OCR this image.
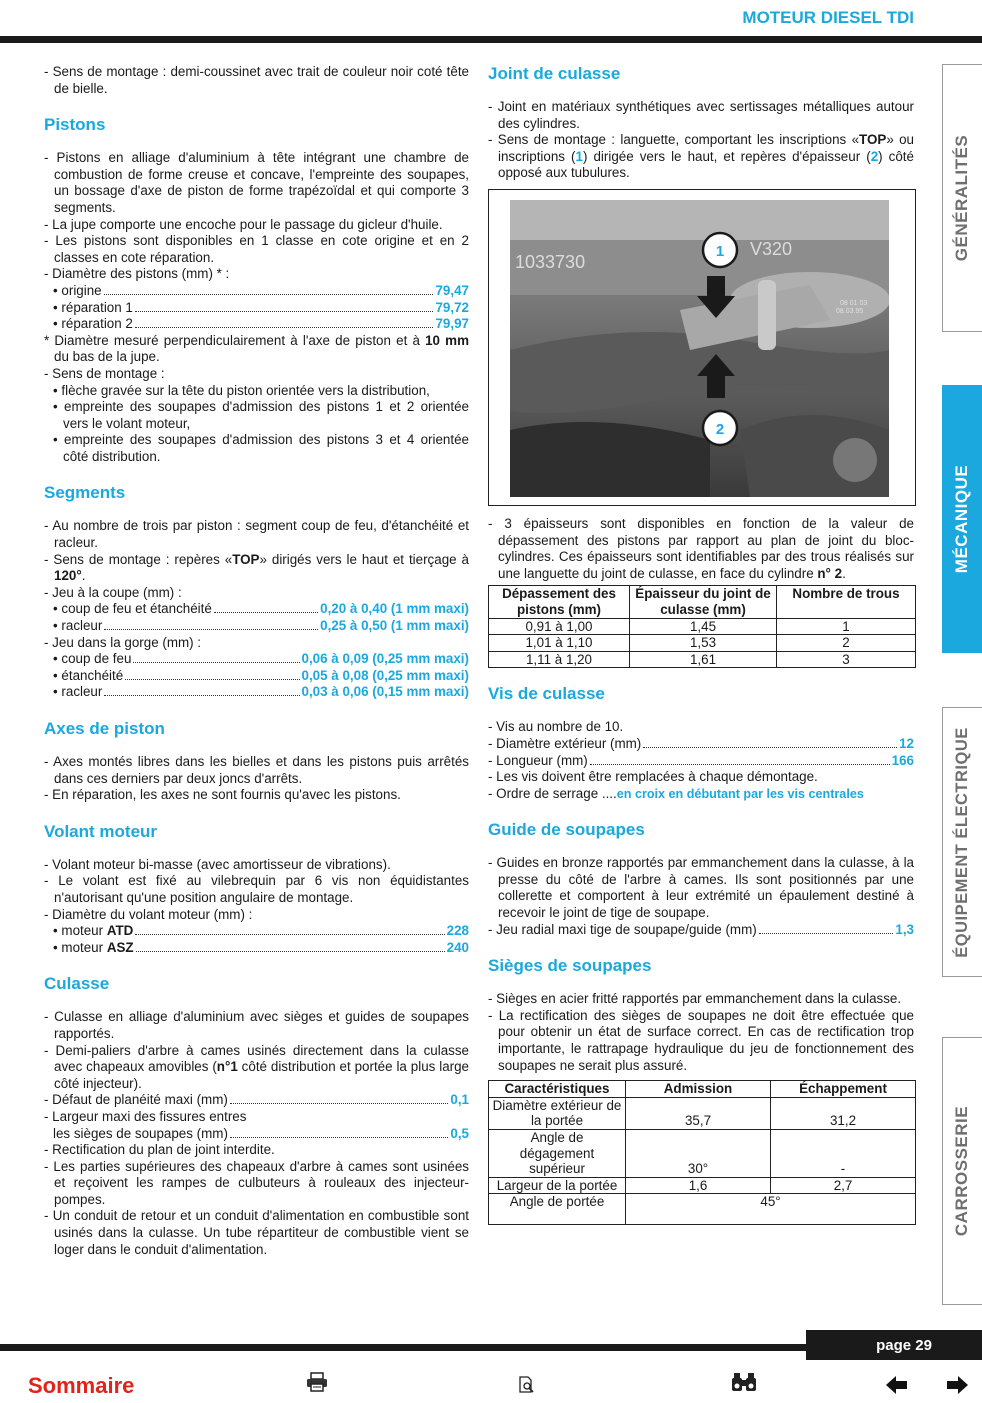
MOTEUR DIESEL TDI
- Sens de montage : demi-coussinet avec trait de couleur noir coté tête de bielle.
Pistons
- Pistons en alliage d'aluminium à tête intégrant une chambre de combustion de forme creuse et concave, l'empreinte des soupapes, un bossage d'axe de piston de forme trapézoïdal et qui comporte 3 segments.
- La jupe comporte une encoche pour le passage du gicleur d'huile.
- Les pistons sont disponibles en 1 classe en cote origine et en 2 classes en cote réparation.
- Diamètre des pistons (mm) * :
• origine	79,47
• réparation 1	79,72
• réparation 2	79,97
* Diamètre mesuré perpendiculairement à l'axe de piston et à 10 mm du bas de la jupe.
- Sens de montage :
• flèche gravée sur la tête du piston orientée vers la distribution,
• empreinte des soupapes d'admission des pistons 1 et 2 orientée vers le volant moteur,
• empreinte des soupapes d'admission des pistons 3 et 4 orientée côté distribution.
Segments
- Au nombre de trois par piston : segment coup de feu, d'étanchéité et racleur.
- Sens de montage : repères «TOP» dirigés vers le haut et tierçage à 120°.
- Jeu à la coupe (mm) :
• coup de feu et étanchéité	0,20 à 0,40 (1 mm maxi)
• racleur	0,25 à 0,50 (1 mm maxi)
- Jeu dans la gorge (mm) :
• coup de feu	0,06 à 0,09 (0,25 mm maxi)
• étanchéité	0,05 à 0,08 (0,25 mm maxi)
• racleur	0,03 à 0,06 (0,15 mm maxi)
Axes de piston
- Axes montés libres dans les bielles et dans les pistons puis arrêtés dans ces derniers par deux joncs d'arrêts.
- En réparation, les axes ne sont fournis qu'avec les pistons.
Volant moteur
- Volant moteur bi-masse (avec amortisseur de vibrations).
- Le volant est fixé au vilebrequin par 6 vis non équidistantes n'autorisant qu'une position angulaire de montage.
- Diamètre du volant moteur (mm) :
• moteur ATD	228
• moteur ASZ	240
Culasse
- Culasse en alliage d'aluminium avec sièges et guides de soupapes rapportés.
- Demi-paliers d'arbre à cames usinés directement dans la culasse avec chapeaux amovibles (n°1 côté distribution et portée la plus large côté injecteur).
- Défaut de planéité maxi (mm)	0,1
- Largeur maxi des fissures entres
les sièges de soupapes (mm)	0,5
- Rectification du plan de joint interdite.
- Les parties supérieures des chapeaux d'arbre à cames sont usinées et reçoivent les rampes de culbuteurs à rouleaux des injecteur-pompes.
- Un conduit de retour et un conduit d'alimentation en combustible sont usinés dans la culasse. Un tube répartiteur de combustible vient se loger dans le conduit d'alimentation.
Joint de culasse
- Joint en matériaux synthétiques avec sertissages métalliques autour des cylindres.
- Sens de montage : languette, comportant les inscriptions «TOP» ou inscriptions (1) dirigée vers le haut, et repères d'épaisseur (2) côté opposé aux tubulures.
1033730
V320
08 01 03
08.03.95
1
2
- 3 épaisseurs sont disponibles en fonction de la valeur de dépassement des pistons par rapport au plan de joint du bloc-cylindres. Ces épaisseurs sont identifiables par des trous réalisés sur une languette du joint de culasse, en face du cylindre n° 2.
Dépassement des pistons (mm)	Épaisseur du joint de culasse (mm)	Nombre de trous
0,91 à 1,00	1,45	1
1,01 à 1,10	1,53	2
1,11 à 1,20	1,61	3
Vis de culasse
- Vis au nombre de 10.
- Diamètre extérieur (mm)	12
- Longueur (mm)	166
- Les vis doivent être remplacées à chaque démontage.
- Ordre de serrage .... en croix en débutant par les vis centrales
Guide de soupapes
- Guides en bronze rapportés par emmanchement dans la culasse, à la presse du côté de l'arbre à cames. Ils sont positionnés par une collerette et comportent à leur extrémité un épaulement destiné à recevoir le joint de tige de soupape.
- Jeu radial maxi tige de soupape/guide (mm)	1,3
Sièges de soupapes
- Sièges en acier fritté rapportés par emmanchement dans la culasse.
- La rectification des sièges de soupapes ne doit être effectuée que pour obtenir un état de surface correct. En cas de rectification trop importante, le rattrapage hydraulique du jeu de fonctionnement des soupapes ne serait plus assuré.
Caractéristiques	Admission	Échappement
Diamètre extérieur de la portée	35,7	31,2
Angle de dégagement supérieur	30°	-
Largeur de la portée	1,6	2,7
Angle de portée	45°	
GÉNÉRALITÉS
MÉCANIQUE
ÉQUIPEMENT ÉLECTRIQUE
CARROSSERIE
page 29
Sommaire
